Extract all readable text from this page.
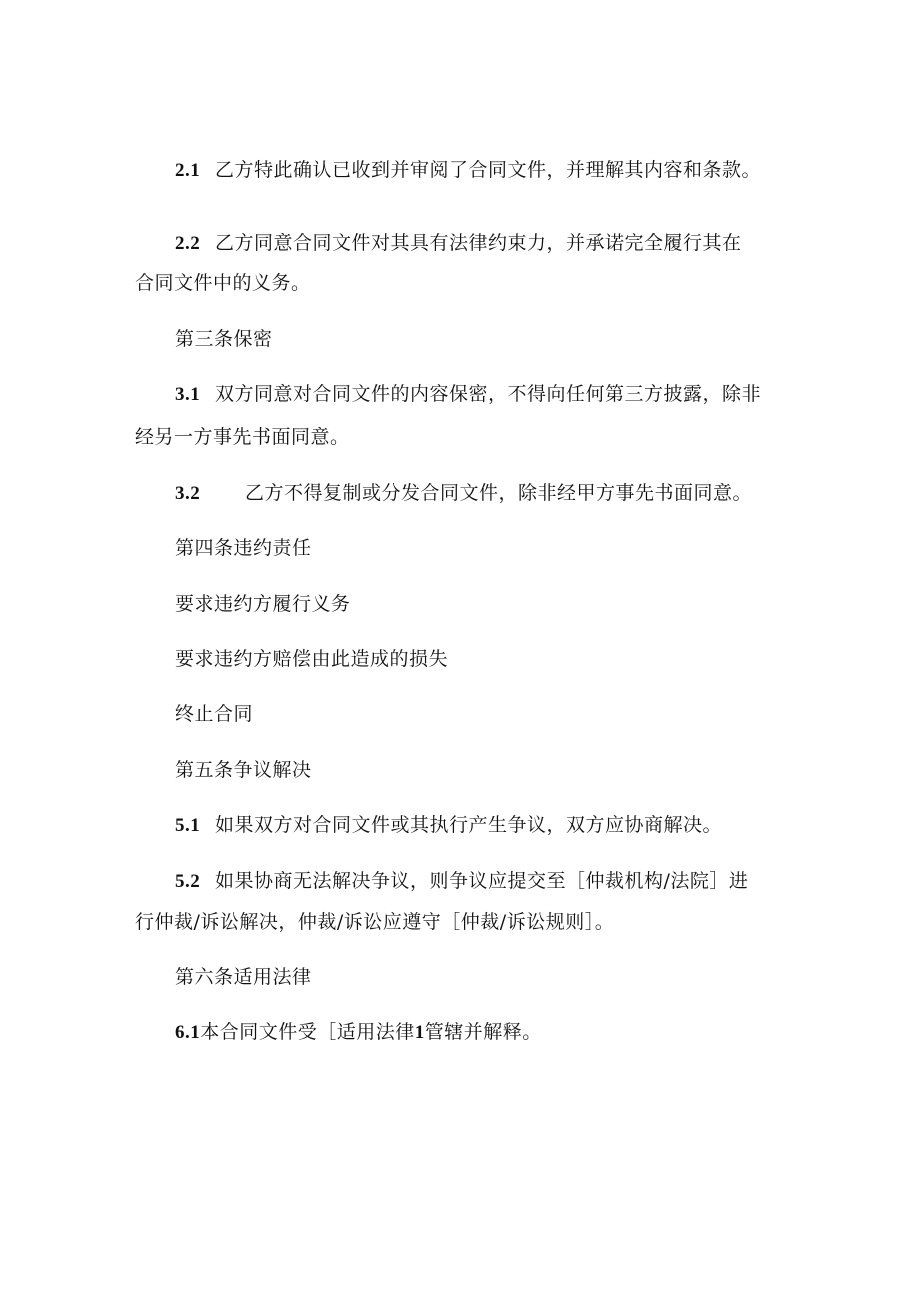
2.1 乙方特此确认已收到并审阅了合同文件，并理解其内容和条款。
2.2 乙方同意合同文件对其具有法律约束力，并承诺完全履行其在
合同文件中的义务。
第三条保密
3.1 双方同意对合同文件的内容保密，不得向任何第三方披露，除非
经另一方事先书面同意。
3.2 乙方不得复制或分发合同文件，除非经甲方事先书面同意。
第四条违约责任
要求违约方履行义务
要求违约方赔偿由此造成的损失
终止合同
第五条争议解决
5.1 如果双方对合同文件或其执行产生争议，双方应协商解决。
5.2 如果协商无法解决争议，则争议应提交至［仲裁机构/法院］进
行仲裁/诉讼解决，仲裁/诉讼应遵守［仲裁/诉讼规则］。
第六条适用法律
6.1本合同文件受［适用法律1管辖并解释。
